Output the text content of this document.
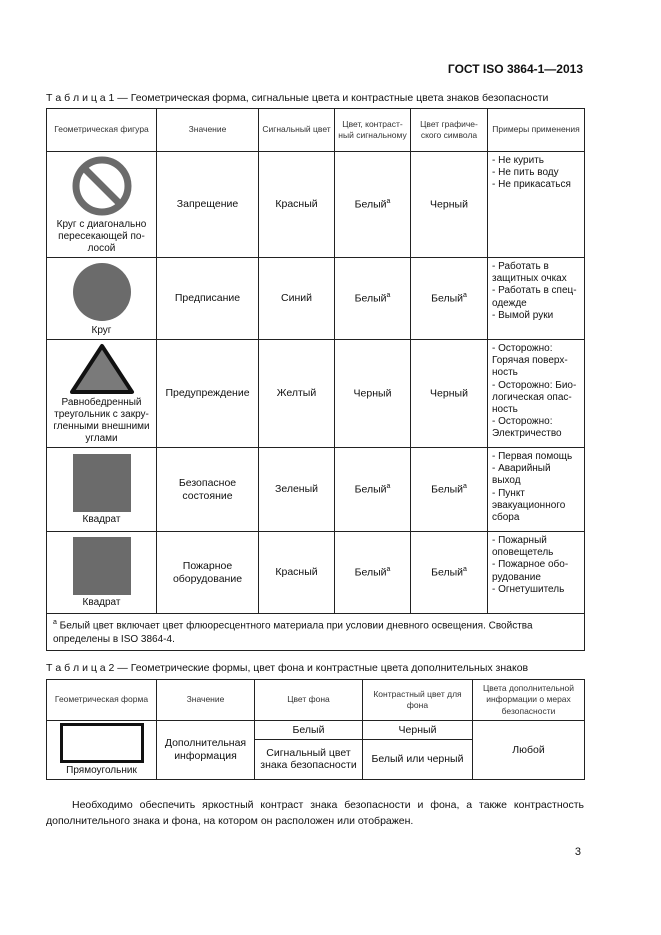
ГОСТ ISO 3864-1—2013
Т а б л и ц а 1 — Геометрическая форма, сигнальные цвета и контрастные цвета знаков безопасности
Геометрическая фигура	Значение	Сигнальный цвет	Цвет, контрастный сигнальному	Цвет графического символа	Примеры применения

Круг с диагонально пересекающей полосой	Запрещение	Красный	Белый$^a$	Черный	- Не курить
- Не пить воду
- Не прикасаться

Круг	Предписание	Синий	Белый$^a$	Белый$^a$	- Работать в защитных очках
- Работать в спецодежде
- Вымой руки

Равнобедренный треугольник с закругленными внешними углами	Предупреждение	Желтый	Черный	Черный	- Осторожно: Горячая поверхность
- Осторожно: Биологическая опасность
- Осторожно: Электричество

Квадрат	Безопасное состояние	Зеленый	Белый$^a$	Белый$^a$	- Первая помощь
- Аварийный выход
- Пункт эвакуационного сбора

Квадрат	Пожарное оборудование	Красный	Белый$^a$	Белый$^a$	- Пожарный оповещетель
- Пожарное оборудование
- Огнетушитель

$^a$ Белый цвет включает цвет флюоресцентного материала при условии дневного освещения. Свойства определены в ISO 3864-4.					
Т а б л и ц а 2 — Геометрические формы, цвет фона и контрастные цвета дополнительных знаков
Геометрическая форма	Значение	Цвет фона	Контрастный цвет для фона	Цвета дополнительной информации о мерах безопасности

Прямоугольник	Дополнительная информация	Белый	Черный	Любой
		Сигнальный цвет знака безопасности	Белый или черный	
Необходимо обеспечить яркостный контраст знака безопасности и фона, а также контрастность дополнительного знака и фона, на котором он расположен или отображен.
3
